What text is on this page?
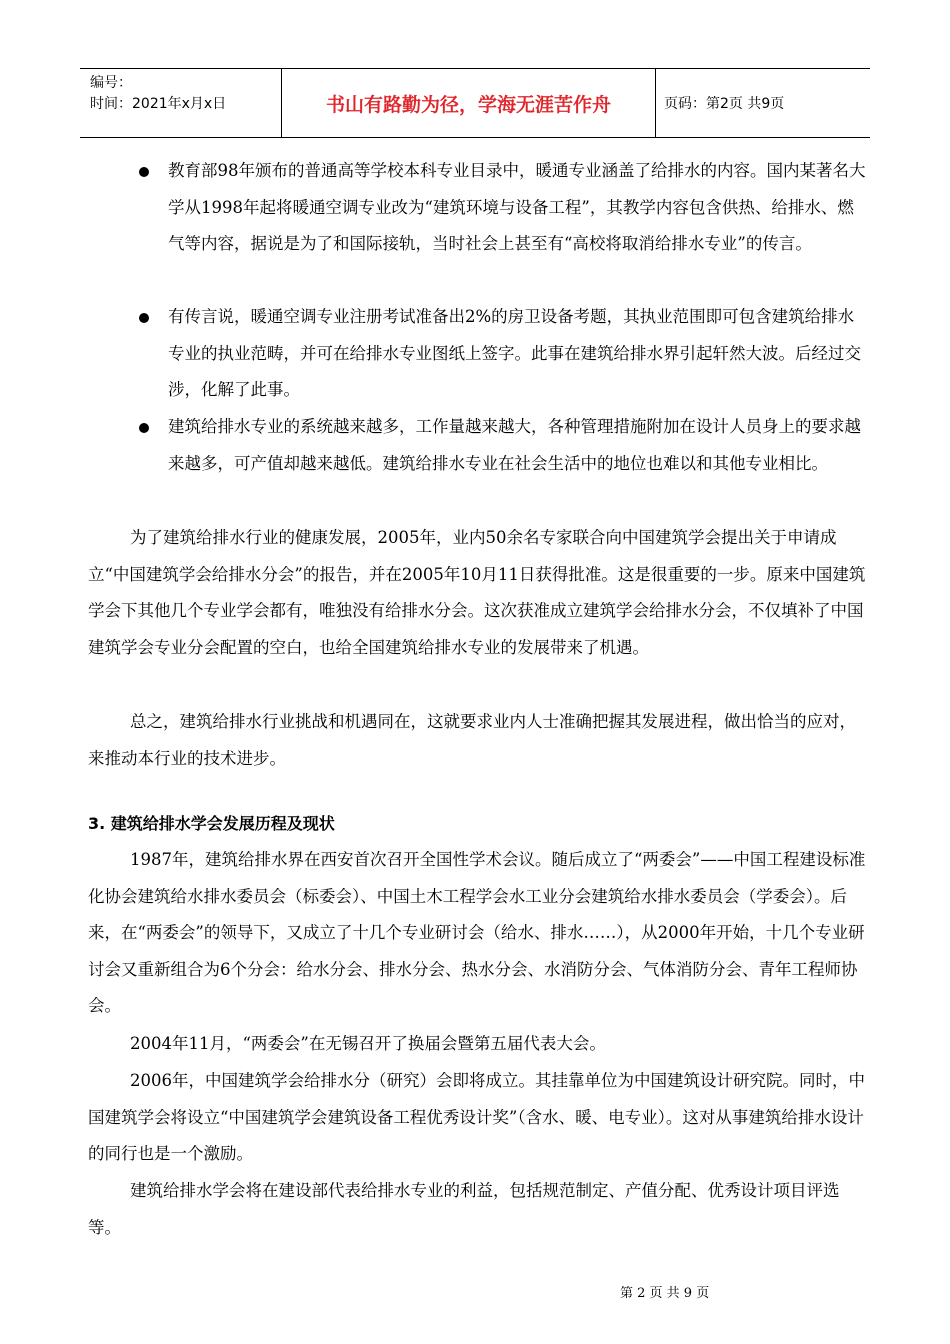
编号：
时间：2021年x月x日	书山有路勤为径，学海无涯苦作舟	页码：第2页 共9页
教育部98年颁布的普通高等学校本科专业目录中，暖通专业涵盖了给排水的内容。国内某著名大学从1998年起将暖通空调专业改为“建筑环境与设备工程”，其教学内容包含供热、给排水、燃气等内容，据说是为了和国际接轨，当时社会上甚至有“高校将取消给排水专业”的传言。
有传言说，暖通空调专业注册考试准备出2%的房卫设备考题，其执业范围即可包含建筑给排水专业的执业范畴，并可在给排水专业图纸上签字。此事在建筑给排水界引起轩然大波。后经过交涉，化解了此事。
建筑给排水专业的系统越来越多，工作量越来越大，各种管理措施附加在设计人员身上的要求越来越多，可产值却越来越低。建筑给排水专业在社会生活中的地位也难以和其他专业相比。
为了建筑给排水行业的健康发展，2005年，业内50余名专家联合向中国建筑学会提出关于申请成立“中国建筑学会给排水分会”的报告，并在2005年10月11日获得批准。这是很重要的一步。原来中国建筑学会下其他几个专业学会都有，唯独没有给排水分会。这次获准成立建筑学会给排水分会，不仅填补了中国建筑学会专业分会配置的空白，也给全国建筑给排水专业的发展带来了机遇。
总之，建筑给排水行业挑战和机遇同在，这就要求业内人士准确把握其发展进程，做出恰当的应对，来推动本行业的技术进步。
3. 建筑给排水学会发展历程及现状
1987年，建筑给排水界在西安首次召开全国性学术会议。随后成立了“两委会”——中国工程建设标准化协会建筑给水排水委员会（标委会）、中国土木工程学会水工业分会建筑给水排水委员会（学委会）。后来，在“两委会”的领导下，又成立了十几个专业研讨会（给水、排水……），从2000年开始，十几个专业研讨会又重新组合为6个分会：给水分会、排水分会、热水分会、水消防分会、气体消防分会、青年工程师协会。
2004年11月，“两委会”在无锡召开了换届会暨第五届代表大会。
2006年，中国建筑学会给排水分（研究）会即将成立。其挂靠单位为中国建筑设计研究院。同时，中国建筑学会将设立“中国建筑学会建筑设备工程优秀设计奖”（含水、暖、电专业）。这对从事建筑给排水设计的同行也是一个激励。
建筑给排水学会将在建设部代表给排水专业的利益，包括规范制定、产值分配、优秀设计项目评选等。
第 2 页 共 9 页
